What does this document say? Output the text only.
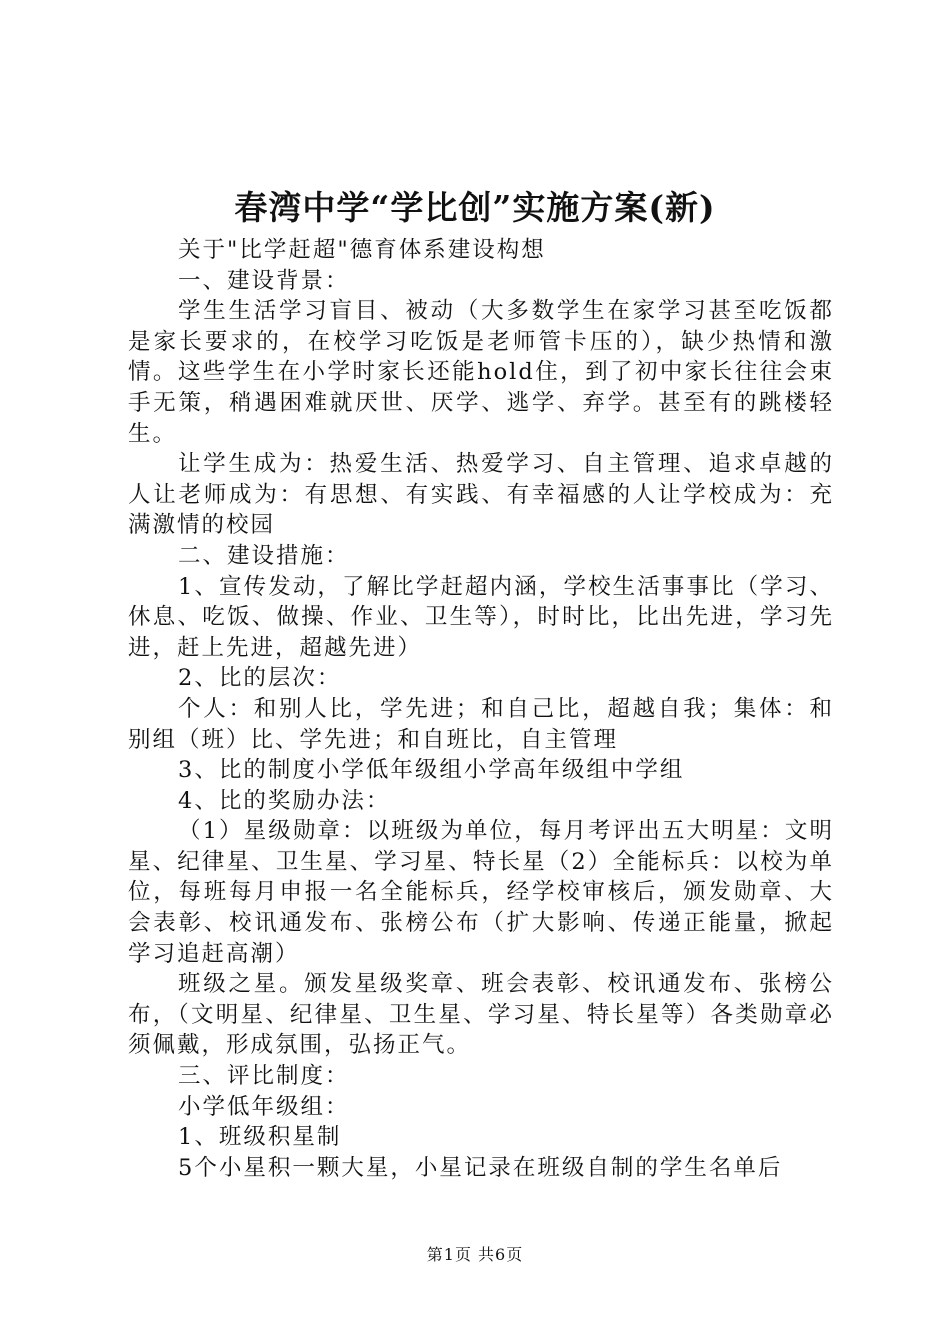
春湾中学“学比创”实施方案(新)

关于"比学赶超"德育体系建设构想

一、建设背景：

学生生活学习盲目、被动（大多数学生在家学习甚至吃饭都是家长要求的，在校学习吃饭是老师管卡压的），缺少热情和激情。这些学生在小学时家长还能hold住，到了初中家长往往会束手无策，稍遇困难就厌世、厌学、逃学、弃学。甚至有的跳楼轻生。

让学生成为：热爱生活、热爱学习、自主管理、追求卓越的人让老师成为：有思想、有实践、有幸福感的人让学校成为：充满激情的校园

二、建设措施：

1、宣传发动，了解比学赶超内涵，学校生活事事比（学习、休息、吃饭、做操、作业、卫生等），时时比，比出先进，学习先进，赶上先进，超越先进）

2、比的层次：

个人：和别人比，学先进；和自己比，超越自我；集体：和别组（班）比、学先进；和自班比，自主管理

3、比的制度小学低年级组小学高年级组中学组

4、比的奖励办法：

（1）星级勋章：以班级为单位，每月考评出五大明星：文明星、纪律星、卫生星、学习星、特长星（2）全能标兵：以校为单位，每班每月申报一名全能标兵，经学校审核后，颁发勋章、大会表彰、校讯通发布、张榜公布（扩大影响、传递正能量，掀起学习追赶高潮）

班级之星。颁发星级奖章、班会表彰、校讯通发布、张榜公布，（文明星、纪律星、卫生星、学习星、特长星等）各类勋章必须佩戴，形成氛围，弘扬正气。

三、评比制度：

小学低年级组：

1、班级积星制

5个小星积一颗大星，小星记录在班级自制的学生名单后

第1页 共6页
